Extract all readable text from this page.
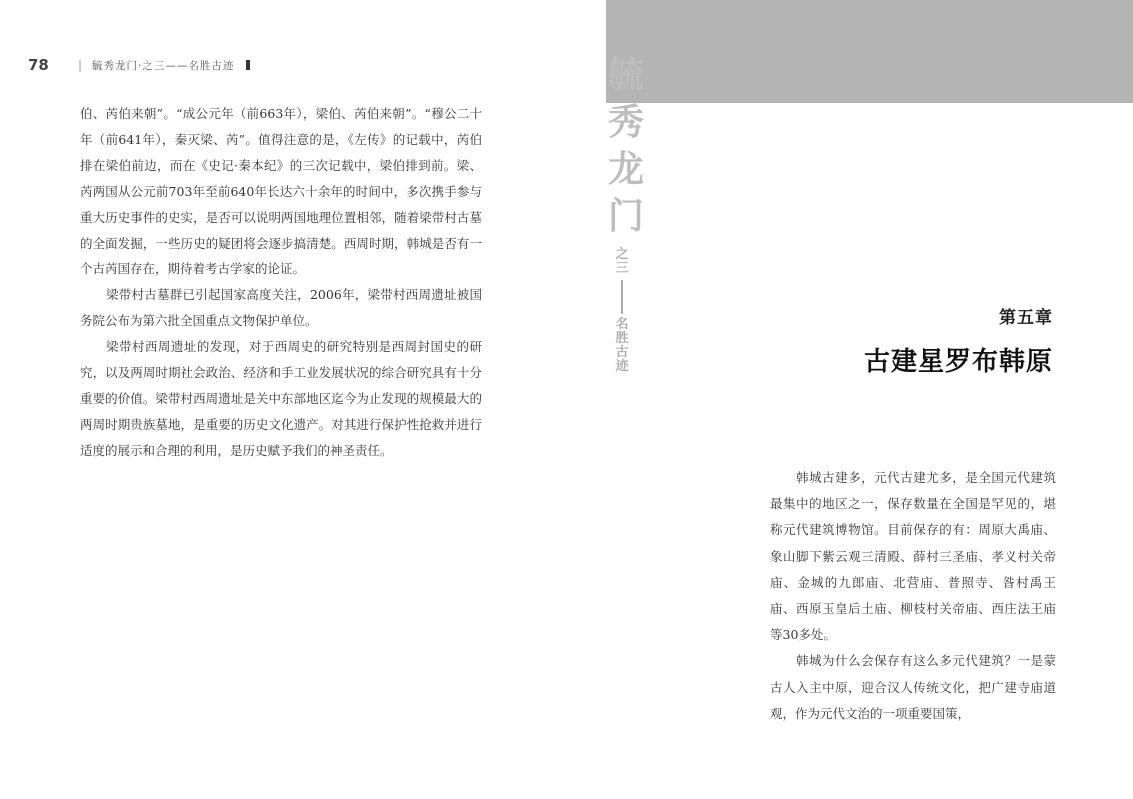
78	| 毓秀龙门·之三——名胜古迹

伯、芮伯来朝”。“成公元年（前663年），梁伯、芮伯来朝”。“穆公二十年（前641年），秦灭梁、芮”。值得注意的是，《左传》的记载中，芮伯排在梁伯前边，而在《史记·秦本纪》的三次记载中，梁伯排到前。梁、芮两国从公元前703年至前640年长达六十余年的时间中，多次携手参与重大历史事件的史实，是否可以说明两国地理位置相邻，随着梁带村古墓的全面发掘，一些历史的疑团将会逐步搞清楚。西周时期，韩城是否有一个古芮国存在，期待着考古学家的论证。

梁带村古墓群已引起国家高度关注，2006年，梁带村西周遗址被国务院公布为第六批全国重点文物保护单位。

梁带村西周遗址的发现，对于西周史的研究特别是西周封国史的研究，以及两周时期社会政治、经济和手工业发展状况的综合研究具有十分重要的价值。梁带村西周遗址是关中东部地区迄今为止发现的规模最大的两周时期贵族墓地，是重要的历史文化遗产。对其进行保护性抢救并进行适度的展示和合理的利用，是历史赋予我们的神圣责任。

毓
秀
龙
门
之
三
名
胜
古
迹
第五章
古建星罗布韩原

韩城古建多，元代古建尤多，是全国元代建筑最集中的地区之一，保存数量在全国是罕见的，堪称元代建筑博物馆。目前保存的有：周原大禹庙、象山脚下紫云观三清殿、薛村三圣庙、孝义村关帝庙、金城的九郎庙、北营庙、普照寺、昝村禹王庙、西原玉皇后土庙、柳枝村关帝庙、西庄法王庙等30多处。

韩城为什么会保存有这么多元代建筑？一是蒙古人入主中原，迎合汉人传统文化，把广建寺庙道观，作为元代文治的一项重要国策，
